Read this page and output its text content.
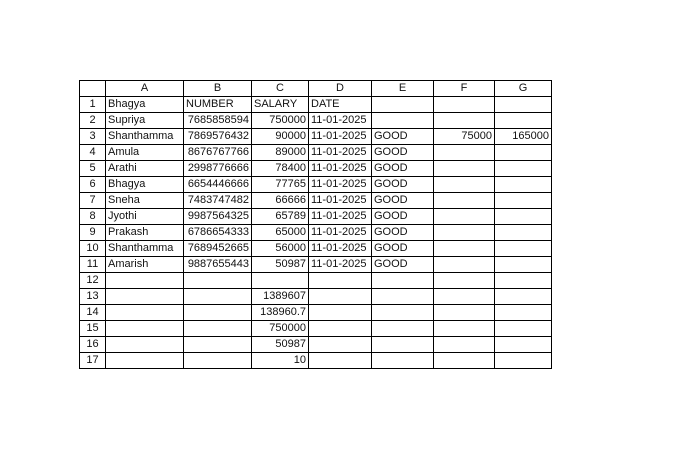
	A	B	C	D	E	F	G
1	Bhagya	NUMBER	SALARY	DATE			
2	Supriya	7685858594	750000	11-01-2025			
3	Shanthamma	7869576432	90000	11-01-2025	GOOD	75000	165000
4	Amula	8676767766	89000	11-01-2025	GOOD		
5	Arathi	2998776666	78400	11-01-2025	GOOD		
6	Bhagya	6654446666	77765	11-01-2025	GOOD		
7	Sneha	7483747482	66666	11-01-2025	GOOD		
8	Jyothi	9987564325	65789	11-01-2025	GOOD		
9	Prakash	6786654333	65000	11-01-2025	GOOD		
10	Shanthamma	7689452665	56000	11-01-2025	GOOD		
11	Amarish	9887655443	50987	11-01-2025	GOOD		
12							
13			1389607				
14			138960.7				
15			750000				
16			50987				
17			10				
